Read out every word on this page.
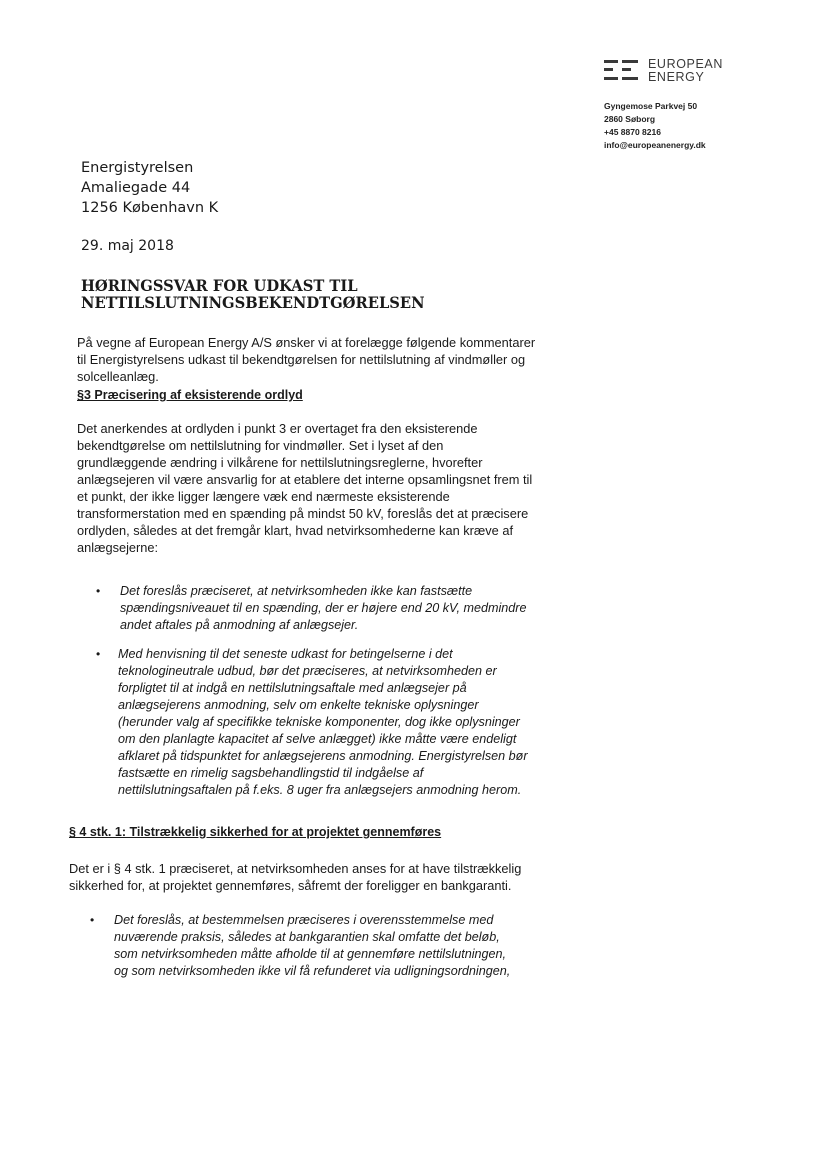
EUROPEAN
ENERGY
Gyngemose Parkvej 50
2860 Søborg
+45 8870 8216
info@europeanenergy.dk
Energistyrelsen
Amaliegade 44
1256 København K
29. maj 2018
HØRINGSSVAR FOR UDKAST TIL
NETTILSLUTNINGSBEKENDTGØRELSEN
På vegne af European Energy A/S ønsker vi at forelægge følgende kommentarer
til Energistyrelsens udkast til bekendtgørelsen for nettilslutning af vindmøller og
solcelleanlæg.
§3 Præcisering af eksisterende ordlyd
Det anerkendes at ordlyden i punkt 3 er overtaget fra den eksisterende
bekendtgørelse om nettilslutning for vindmøller. Set i lyset af den
grundlæggende ændring i vilkårene for nettilslutningsreglerne, hvorefter
anlægsejeren vil være ansvarlig for at etablere det interne opsamlingsnet frem til
et punkt, der ikke ligger længere væk end nærmeste eksisterende
transformerstation med en spænding på mindst 50 kV, foreslås det at præcisere
ordlyden, således at det fremgår klart, hvad netvirksomhederne kan kræve af
anlægsejerne:
• Det foreslås præciseret, at netvirksomheden ikke kan fastsætte
spændingsniveauet til en spænding, der er højere end 20 kV, medmindre
andet aftales på anmodning af anlægsejer.
• Med henvisning til det seneste udkast for betingelserne i det
teknologineutrale udbud, bør det præciseres, at netvirksomheden er
forpligtet til at indgå en nettilslutningsaftale med anlægsejer på
anlægsejerens anmodning, selv om enkelte tekniske oplysninger
(herunder valg af specifikke tekniske komponenter, dog ikke oplysninger
om den planlagte kapacitet af selve anlægget) ikke måtte være endeligt
afklaret på tidspunktet for anlægsejerens anmodning. Energistyrelsen bør
fastsætte en rimelig sagsbehandlingstid til indgåelse af
nettilslutningsaftalen på f.eks. 8 uger fra anlægsejers anmodning herom.
§ 4 stk. 1: Tilstrækkelig sikkerhed for at projektet gennemføres
Det er i § 4 stk. 1 præciseret, at netvirksomheden anses for at have tilstrækkelig
sikkerhed for, at projektet gennemføres, såfremt der foreligger en bankgaranti.
• Det foreslås, at bestemmelsen præciseres i overensstemmelse med
nuværende praksis, således at bankgarantien skal omfatte det beløb,
som netvirksomheden måtte afholde til at gennemføre nettilslutningen,
og som netvirksomheden ikke vil få refunderet via udligningsordningen,
